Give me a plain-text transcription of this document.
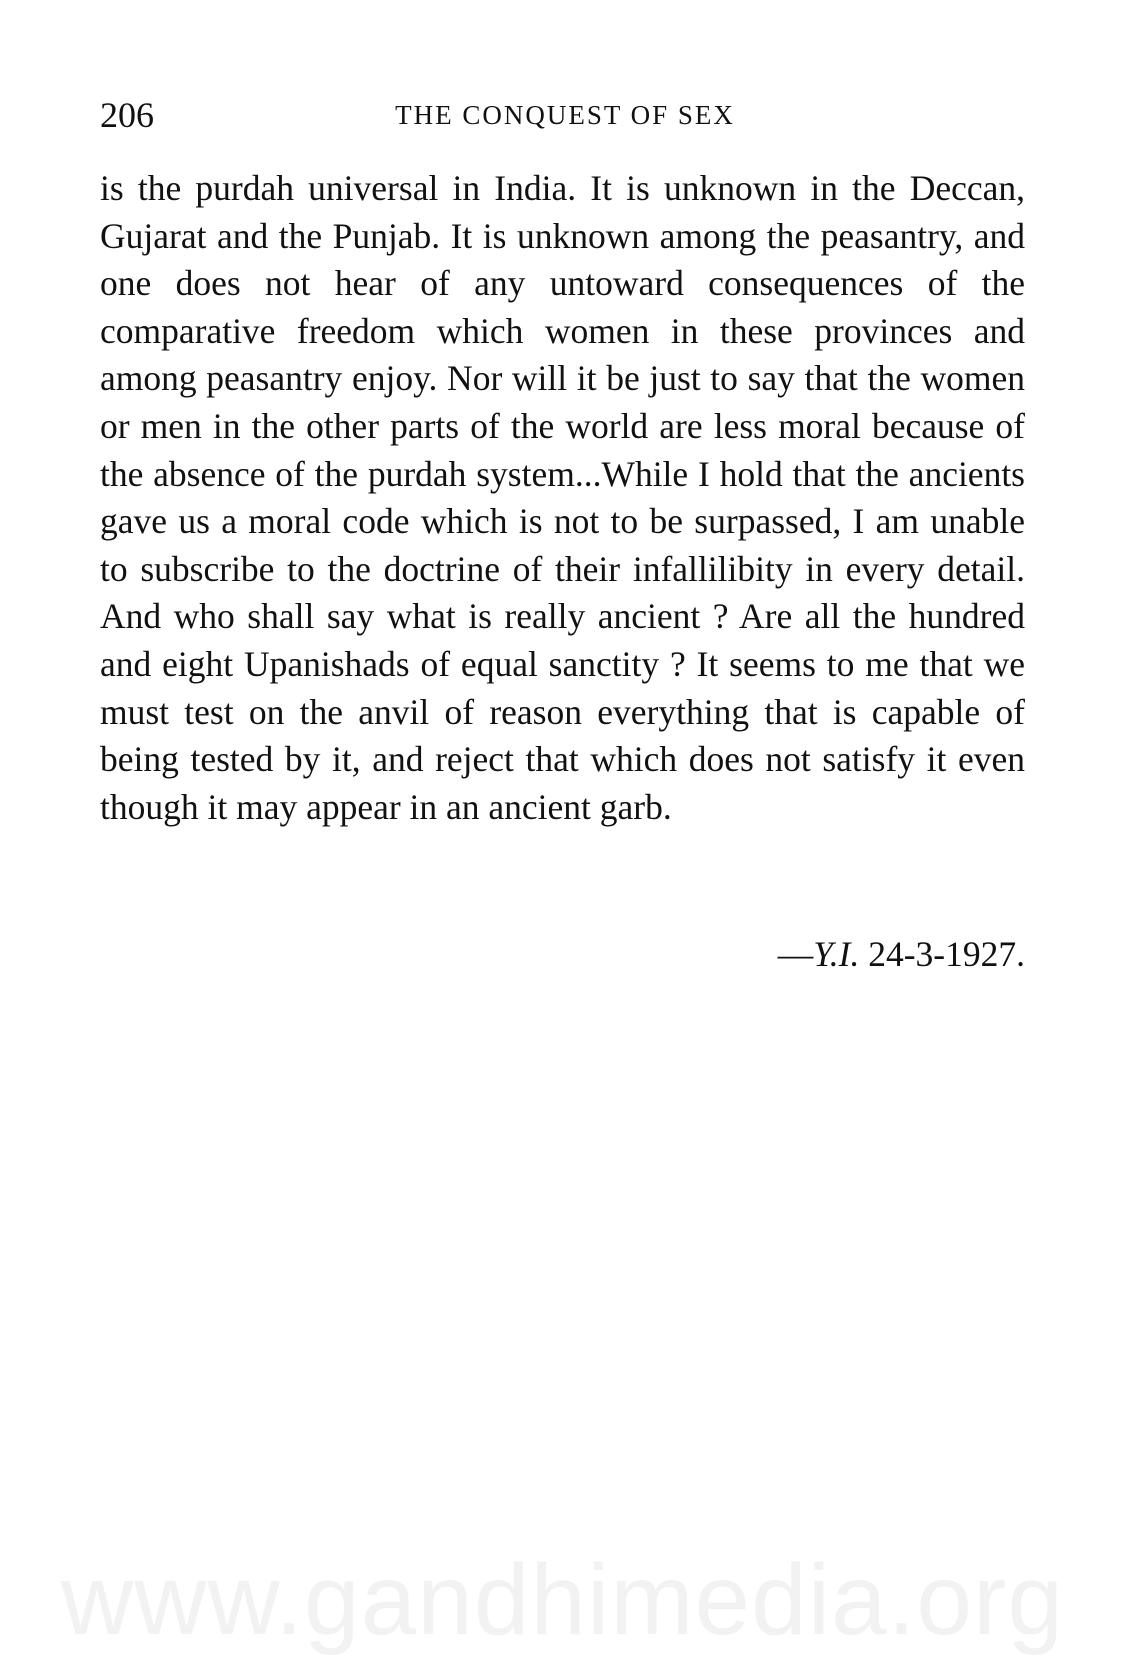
206	THE CONQUEST OF SEX

is the purdah universal in India. It is unknown in the Deccan, Gujarat and the Punjab. It is unknown among the peasantry, and one does not hear of any untoward consequences of the comparative freedom which women in these provinces and among peasantry enjoy. Nor will it be just to say that the women or men in the other parts of the world are less moral because of the absence of the purdah system...While I hold that the ancients gave us a moral code which is not to be surpassed, I am unable to subscribe to the doctrine of their infallilibity in every detail. And who shall say what is really ancient ? Are all the hundred and eight Upanishads of equal sanctity ? It seems to me that we must test on the anvil of reason everything that is capable of being tested by it, and reject that which does not satisfy it even though it may appear in an ancient garb.

—Y.I. 24-3-1927.
www.gandhimedia.org
